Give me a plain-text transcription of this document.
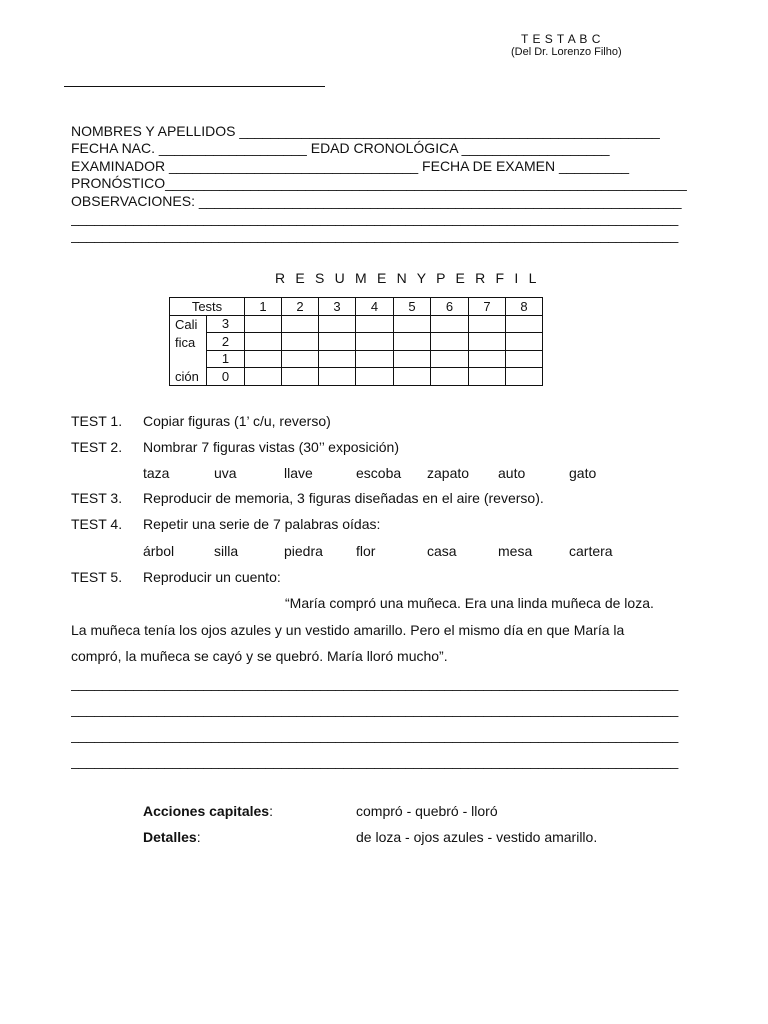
T E S T A B C
(Del Dr. Lorenzo Filho)
NOMBRES Y APELLIDOS ______________________________________________________
FECHA NAC. ___________________ EDAD CRONOLÓGICA ___________________
EXAMINADOR ________________________________ FECHA DE EXAMEN _________
PRONÓSTICO___________________________________________________________________
OBSERVACIONES: ______________________________________________________________
______________________________________________________________________________
______________________________________________________________________________
R E S U M E N Y P E R F I L
Tests		1	2	3	4	5	6	7	8
Cali	3								
fica	2								
	1								
ción	0								
TEST 1. Copiar figuras (1’ c/u, reverso)
TEST 2. Nombrar 7 figuras vistas (30’’ exposición)
taza	uva	llave	escoba zapato auto	gato
TEST 3. Reproducir de memoria, 3 figuras diseñadas en el aire (reverso).
TEST 4. Repetir una serie de 7 palabras oídas:
árbol	silla	piedra flor	casa	mesa	cartera
TEST 5. Reproducir un cuento:
“María compró una muñeca. Era una linda muñeca de loza.
La muñeca tenía los ojos azules y un vestido amarillo. Pero el mismo día en que María la
compró, la muñeca se cayó y se quebró. María lloró mucho”.
______________________________________________________________________________
______________________________________________________________________________
______________________________________________________________________________
______________________________________________________________________________
Acciones capitales:	compró - quebró - lloró
Detalles:	de loza - ojos azules - vestido amarillo.
